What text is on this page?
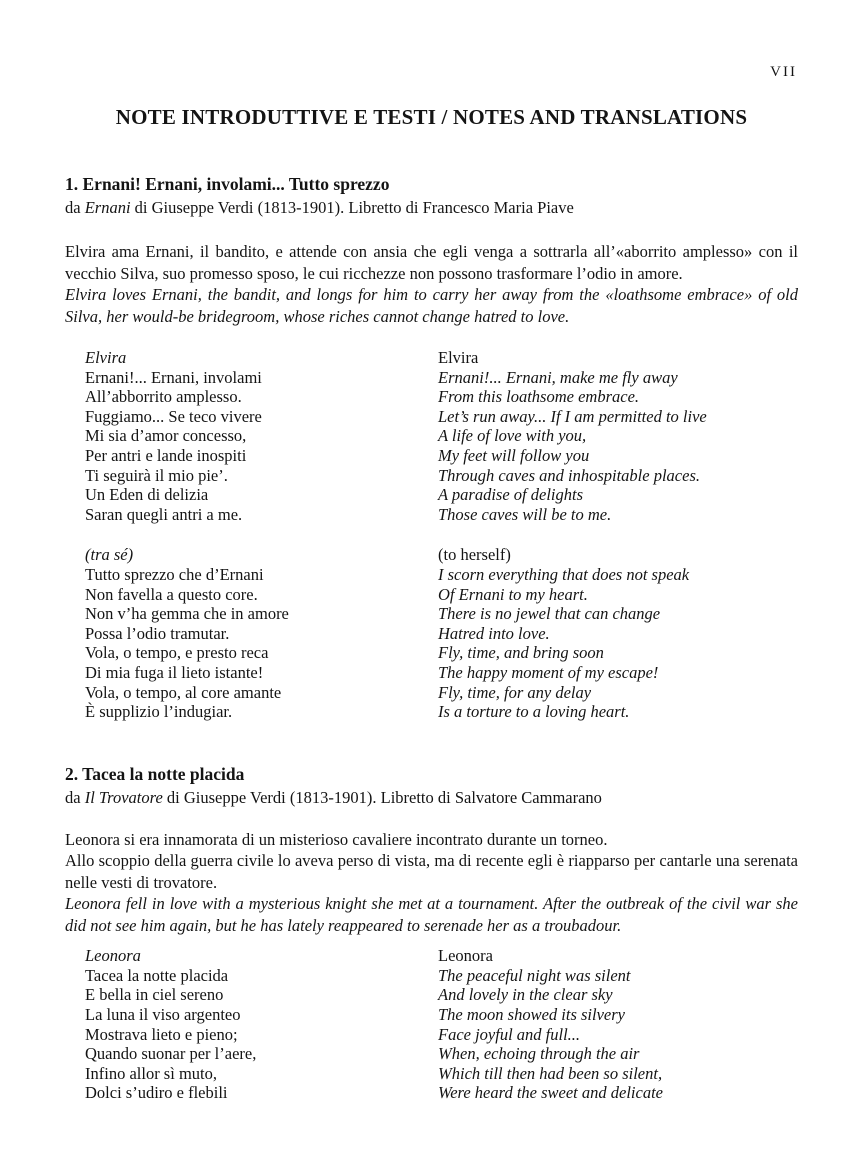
VII
NOTE INTRODUTTIVE E TESTI / NOTES AND TRANSLATIONS
1. Ernani! Ernani, involami... Tutto sprezzo

da Ernani di Giuseppe Verdi (1813-1901). Libretto di Francesco Maria Piave

Elvira ama Ernani, il bandito, e attende con ansia che egli venga a sottrarla all’«aborrito amplesso» con il vecchio Silva, suo promesso sposo, le cui ricchezze non possono trasformare l’odio in amore.

Elvira loves Ernani, the bandit, and longs for him to carry her away from the «loathsome embrace» of old Silva, her would-be bridegroom, whose riches cannot change hatred to love.

Elvira
Ernani!... Ernani, involami
All’abborrito amplesso.
Fuggiamo... Se teco vivere
Mi sia d’amor concesso,
Per antri e lande inospiti
Ti seguirà il mio pie’.
Un Eden di delizia
Saran quegli antri a me.
Elvira
Ernani!... Ernani, make me fly away
From this loathsome embrace.
Let’s run away... If I am permitted to live
A life of love with you,
My feet will follow you
Through caves and inhospitable places.
A paradise of delights
Those caves will be to me.
(tra sé)
Tutto sprezzo che d’Ernani
Non favella a questo core.
Non v’ha gemma che in amore
Possa l’odio tramutar.
Vola, o tempo, e presto reca
Di mia fuga il lieto istante!
Vola, o tempo, al core amante
È supplizio l’indugiar.
(to herself)
I scorn everything that does not speak
Of Ernani to my heart.
There is no jewel that can change
Hatred into love.
Fly, time, and bring soon
The happy moment of my escape!
Fly, time, for any delay
Is a torture to a loving heart.
2. Tacea la notte placida

da Il Trovatore di Giuseppe Verdi (1813-1901). Libretto di Salvatore Cammarano

Leonora si era innamorata di un misterioso cavaliere incontrato durante un torneo.

Allo scoppio della guerra civile lo aveva perso di vista, ma di recente egli è riapparso per cantarle una serenata nelle vesti di trovatore.

Leonora fell in love with a mysterious knight she met at a tournament. After the outbreak of the civil war she did not see him again, but he has lately reappeared to serenade her as a troubadour.

Leonora
Tacea la notte placida
E bella in ciel sereno
La luna il viso argenteo
Mostrava lieto e pieno;
Quando suonar per l’aere,
Infino allor sì muto,
Dolci s’udiro e flebili
Leonora
The peaceful night was silent
And lovely in the clear sky
The moon showed its silvery
Face joyful and full...
When, echoing through the air
Which till then had been so silent,
Were heard the sweet and delicate
